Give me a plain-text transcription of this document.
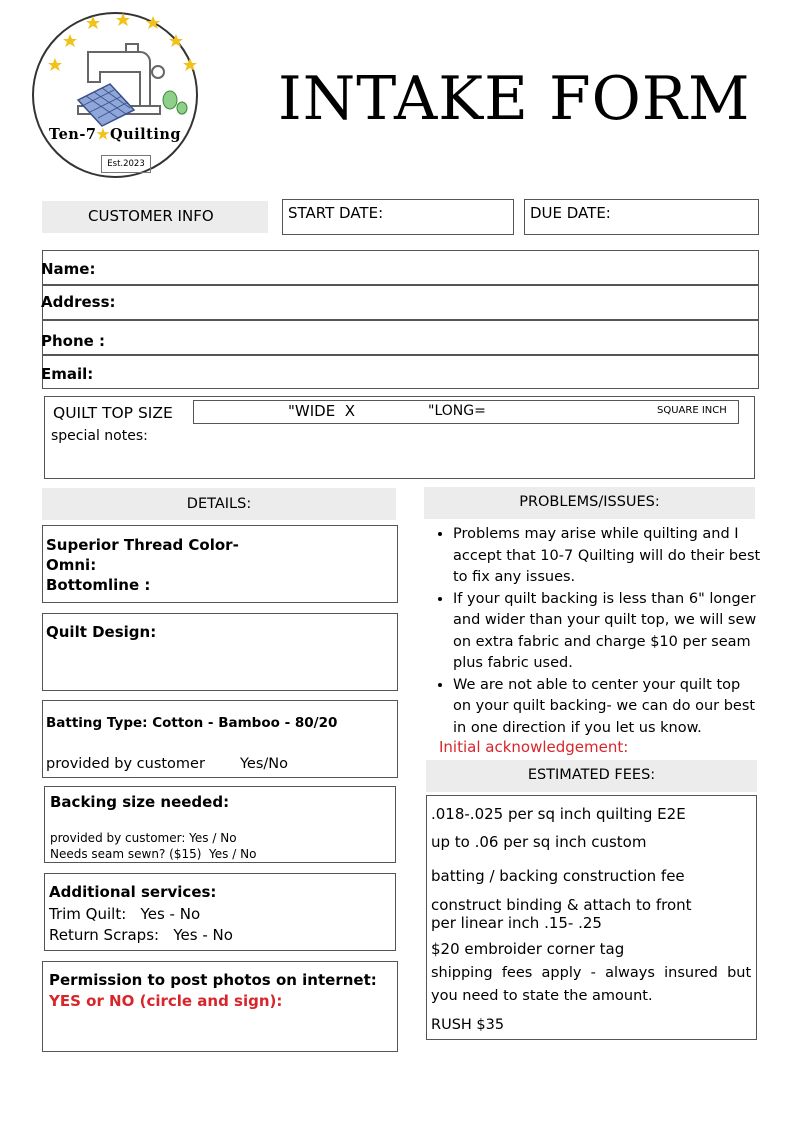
Ten-7★Quilting
Est.2023
INTAKE FORM
CUSTOMER INFO	START DATE:	DUE DATE:
Name:
Address:
Phone :
Email:
QUILT TOP SIZE
special notes:
"WIDE  X	"LONG=	SQUARE INCH
DETAILS:
Superior Thread Color-
Omni:
Bottomline :
Quilt Design:
Batting Type: Cotton - Bamboo - 80/20
provided by customer Yes/No
Backing size needed:
provided by customer: Yes / No
Needs seam sewn? ($15)  Yes / No
Additional services:
Trim Quilt:   Yes - No
Return Scraps:   Yes - No
Permission to post photos on internet:
YES or NO (circle and sign):
PROBLEMS/ISSUES:
• Problems may arise while quilting and I accept that 10-7 Quilting will do their best to fix any issues.
• If your quilt backing is less than 6" longer and wider than your quilt top, we will sew on extra fabric and charge $10 per seam plus fabric used.
• We are not able to center your quilt top on your quilt backing- we can do our best in one direction if you let us know.
Initial acknowledgement:
ESTIMATED FEES:
.018-.025 per sq inch quilting E2E
up to .06 per sq inch custom
batting / backing construction fee
construct binding & attach to front
per linear inch .15- .25
$20 embroider corner tag
shipping  fees  apply  -  always  insured  but
you need to state the amount.
RUSH $35
